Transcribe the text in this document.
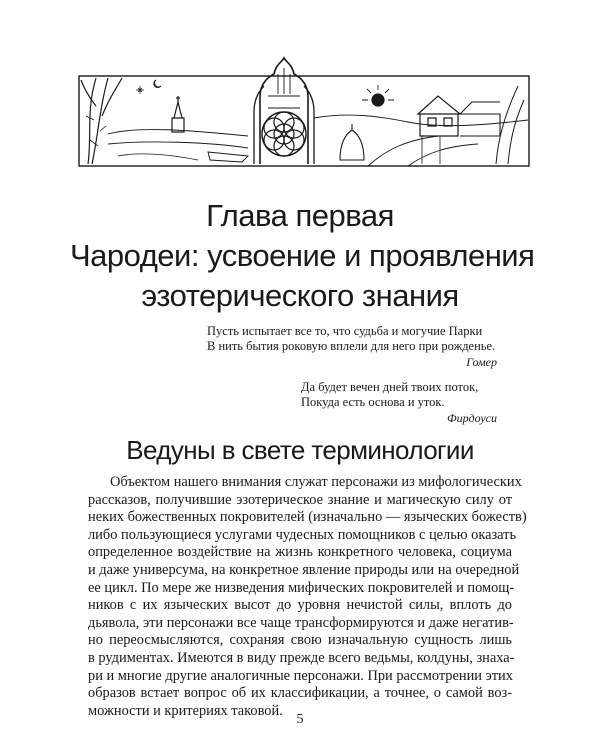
Глава первая
Чародеи: усвоение и проявления
эзотерического знания
Пусть испытает все то, что судьба и могучие Парки
В нить бытия роковую вплели для него при рожденье.
Гомер
Да будет вечен дней твоих поток,
Покуда есть основа и уток.
Фирдоуси
Ведуны в свете терминологии
Объектом нашего внимания служат персонажи из мифологических
рассказов, получившие эзотерическое знание и магическую силу от
неких божественных покровителей (изначально — языческих божеств)
либо пользующиеся услугами чудесных помощников с целью оказать
определенное воздействие на жизнь конкретного человека, социума
и даже универсума, на конкретное явление природы или на очередной
ее цикл. По мере же низведения мифических покровителей и помощ-
ников с их языческих высот до уровня нечистой силы, вплоть до
дьявола, эти персонажи все чаще трансформируются и даже негатив-
но переосмысляются, сохраняя свою изначальную сущность лишь
в рудиментах. Имеются в виду прежде всего ведьмы, колдуны, знаха-
ри и многие другие аналогичные персонажи. При рассмотрении этих
образов встает вопрос об их классификации, а точнее, о самой воз-
можности и критериях таковой.
5
